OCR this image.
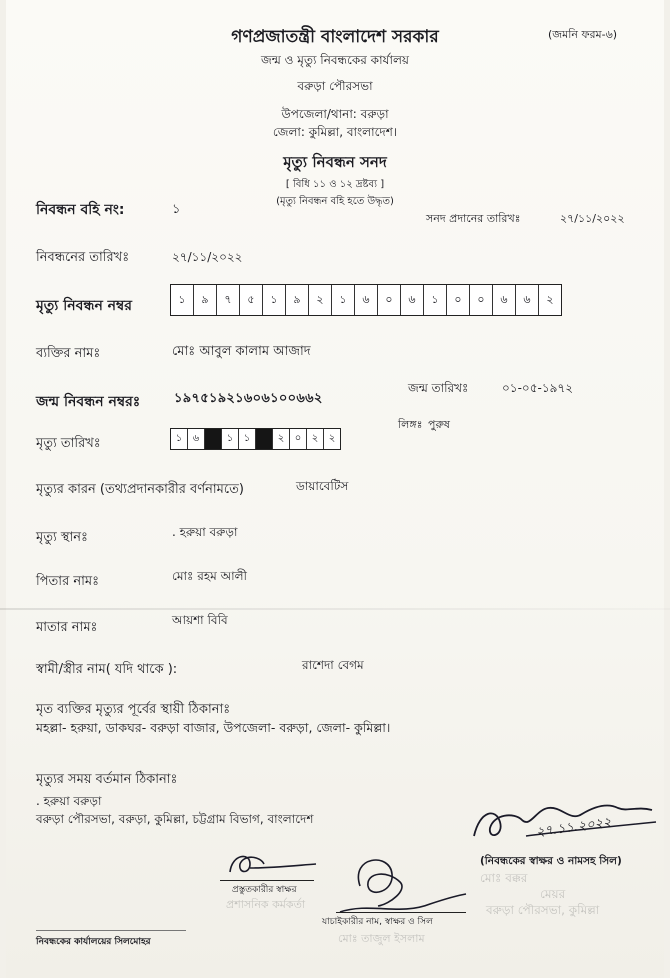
গণপ্রজাতন্ত্রী বাংলাদেশ সরকার	(জমনি ফরম-৬)
জন্ম ও মৃত্যু নিবন্ধকের কার্যালয়
বরুড়া পৌরসভা
উপজেলা/থানা: বরুড়া
জেলা: কুমিল্লা, বাংলাদেশ।
মৃত্যু নিবন্ধন সনদ
[ বিধি ১১ ও ১২ দ্রষ্টব্য ]
(মৃত্যু নিবন্ধন বহি হতে উদ্ধৃত)
নিবন্ধন বহি নং:	১
সনদ প্রদানের তারিখঃ	২৭/১১/২০২২
নিবন্ধনের তারিখঃ	২৭/১১/২০২২
মৃত্যু নিবন্ধন নম্বর	১	৯	৭	৫	১	৯	২	১	৬	০	৬	১	০	০	৬	৬	২
ব্যক্তির নামঃ	মোঃ আবুল কালাম আজাদ
জন্ম নিবন্ধন নম্বরঃ	১৯৭৫১৯২১৬০৬১০০৬৬২
জন্ম তারিখঃ	০১-০৫-১৯৭২
লিঙ্গঃ পুরুষ
মৃত্যু তারিখঃ	১	৬	১	১	২	০	২	২
মৃত্যুর কারন (তথ্যপ্রদানকারীর বর্ণনামতে)	ডায়াবেটিস
মৃত্যু স্থানঃ	. হরুয়া বরুড়া
পিতার নামঃ	মোঃ রহম আলী
মাতার নামঃ	আয়শা বিবি
স্বামী/স্ত্রীর নাম( যদি থাকে ):	রাশেদা বেগম
মৃত ব্যক্তির মৃত্যুর পূর্বের স্থায়ী ঠিকানাঃ
মহল্লা- হরুয়া, ডাকঘর- বরুড়া বাজার, উপজেলা- বরুড়া, জেলা- কুমিল্লা।
মৃত্যুর সময় বর্তমান ঠিকানাঃ
. হরুয়া বরুড়া
বরুড়া পৌরসভা, বরুড়া, কুমিল্লা, চট্টগ্রাম বিভাগ, বাংলাদেশ	২৭.১১.২০২২
(নিবন্ধকের স্বাক্ষর ও নামসহ সিল)
মোঃ বক্কর
মেয়র
বরুড়া পৌরসভা, কুমিল্লা
প্রস্তুতকারীর স্বাক্ষর
প্রশাসনিক কর্মকর্তা
যাচাইকারীর নাম, স্বাক্ষর ও সিল
মোঃ তাজুল ইসলাম
নিবন্ধকের কার্যালয়ের সিলমোহর
